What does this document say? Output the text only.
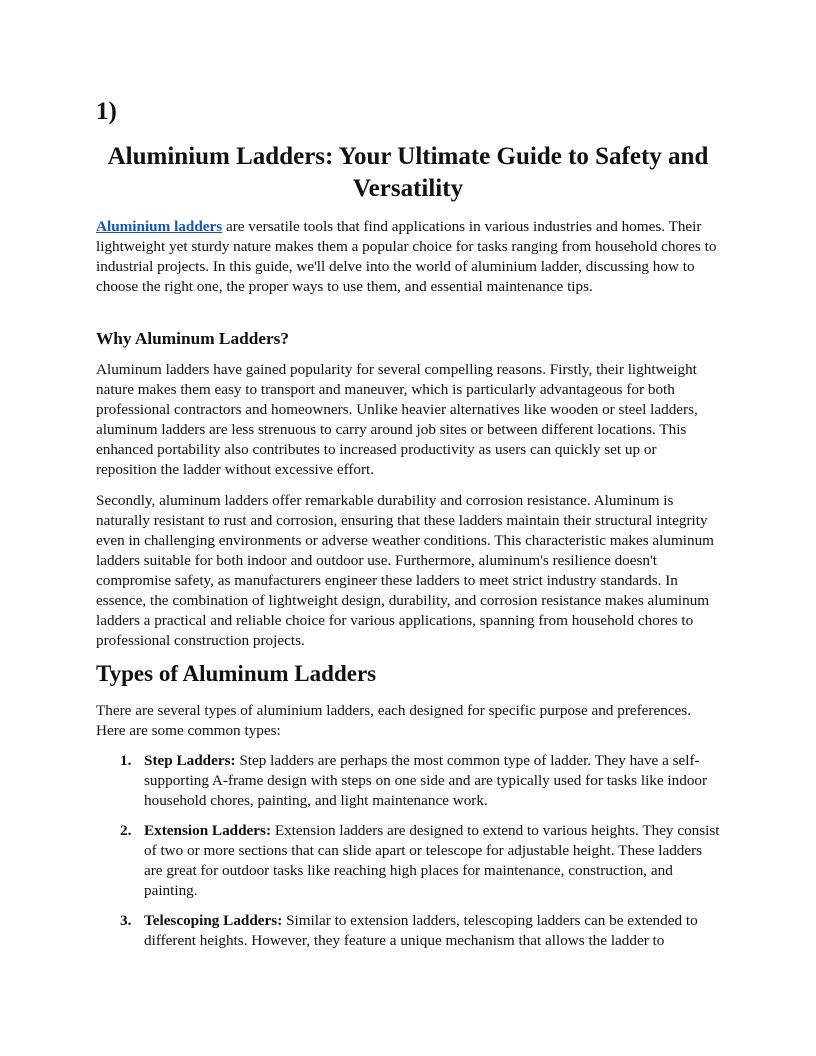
1)

Aluminium Ladders: Your Ultimate Guide to Safety and Versatility

Aluminium ladders are versatile tools that find applications in various industries and homes. Their lightweight yet sturdy nature makes them a popular choice for tasks ranging from household chores to industrial projects. In this guide, we'll delve into the world of aluminium ladder, discussing how to choose the right one, the proper ways to use them, and essential maintenance tips.

Why Aluminum Ladders?

Aluminum ladders have gained popularity for several compelling reasons. Firstly, their lightweight nature makes them easy to transport and maneuver, which is particularly advantageous for both professional contractors and homeowners. Unlike heavier alternatives like wooden or steel ladders, aluminum ladders are less strenuous to carry around job sites or between different locations. This enhanced portability also contributes to increased productivity as users can quickly set up or reposition the ladder without excessive effort.

Secondly, aluminum ladders offer remarkable durability and corrosion resistance. Aluminum is naturally resistant to rust and corrosion, ensuring that these ladders maintain their structural integrity even in challenging environments or adverse weather conditions. This characteristic makes aluminum ladders suitable for both indoor and outdoor use. Furthermore, aluminum's resilience doesn't compromise safety, as manufacturers engineer these ladders to meet strict industry standards. In essence, the combination of lightweight design, durability, and corrosion resistance makes aluminum ladders a practical and reliable choice for various applications, spanning from household chores to professional construction projects.

Types of Aluminum Ladders

There are several types of aluminium ladders, each designed for specific purpose and preferences. Here are some common types:

1. Step Ladders: Step ladders are perhaps the most common type of ladder. They have a self-supporting A-frame design with steps on one side and are typically used for tasks like indoor household chores, painting, and light maintenance work.
2. Extension Ladders: Extension ladders are designed to extend to various heights. They consist of two or more sections that can slide apart or telescope for adjustable height. These ladders are great for outdoor tasks like reaching high places for maintenance, construction, and painting.
3. Telescoping Ladders: Similar to extension ladders, telescoping ladders can be extended to different heights. However, they feature a unique mechanism that allows the ladder to
